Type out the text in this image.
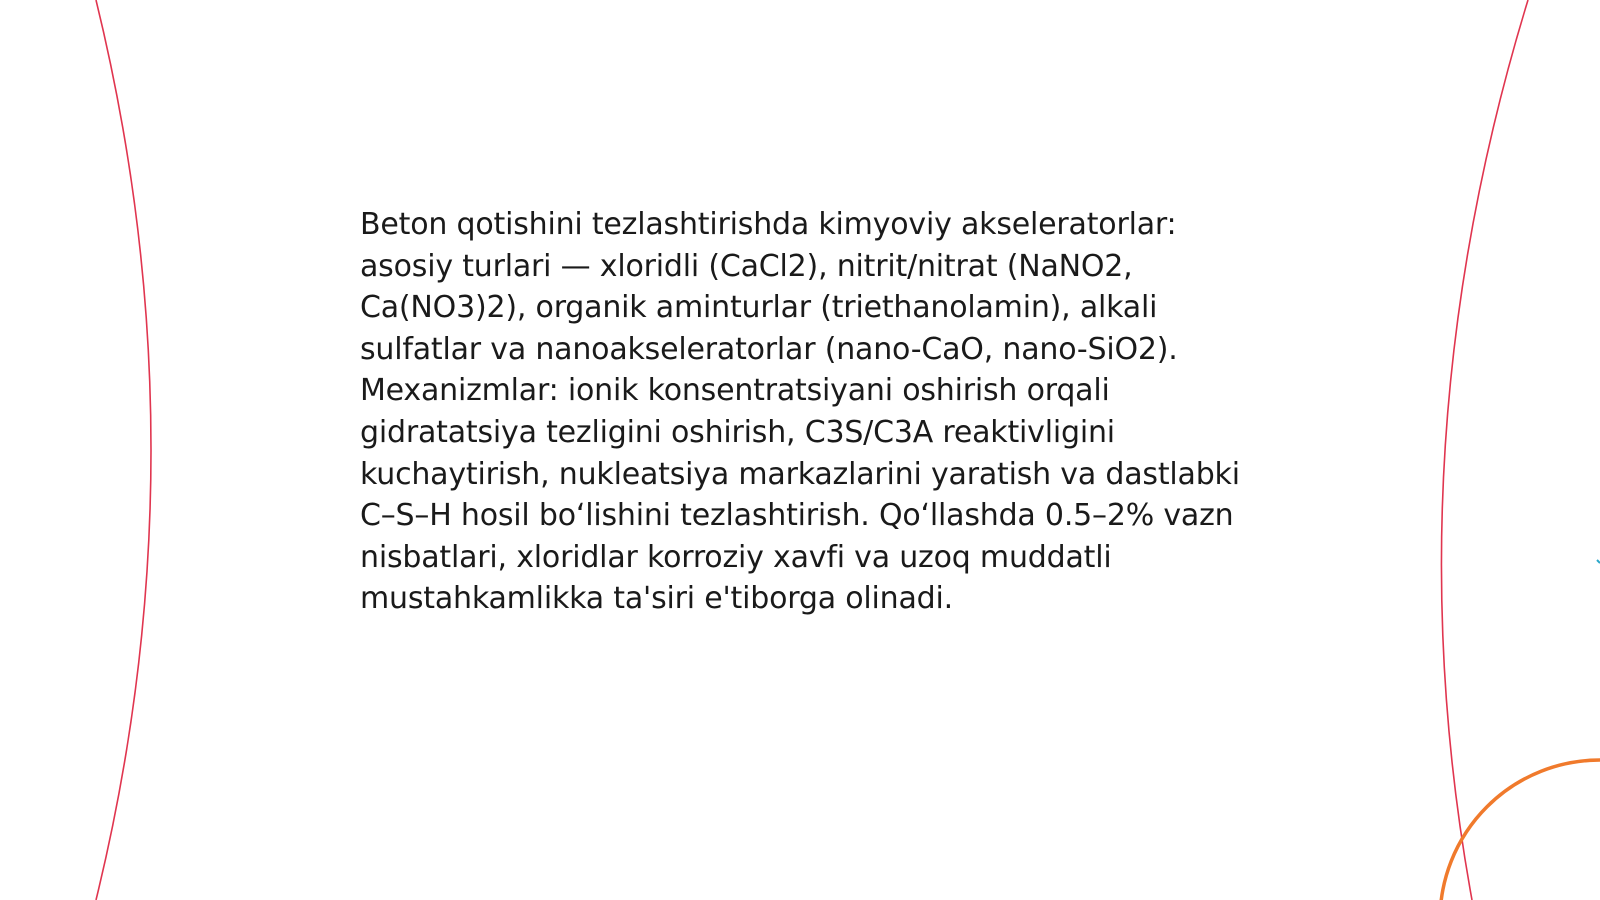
Beton qotishini tezlashtirishda kimyoviy akseleratorlar: asosiy turlari — xloridli (CaCl2), nitrit/nitrat (NaNO2, Ca(NO3)2), organik aminturlar (triethanolamin), alkali sulfatlar va nanoakseleratorlar (nano-CaO, nano-SiO2). Mexanizmlar: ionik konsentratsiyani oshirish orqali gidratatsiya tezligini oshirish, C3S/C3A reaktivligini kuchaytirish, nukleatsiya markazlarini yaratish va dastlabki C–S–H hosil bo‘lishini tezlashtirish. Qo‘llashda 0.5–2% vazn nisbatlari, xloridlar korroziy xavfi va uzoq muddatli mustahkamlikka ta'siri e'tiborga olinadi.
